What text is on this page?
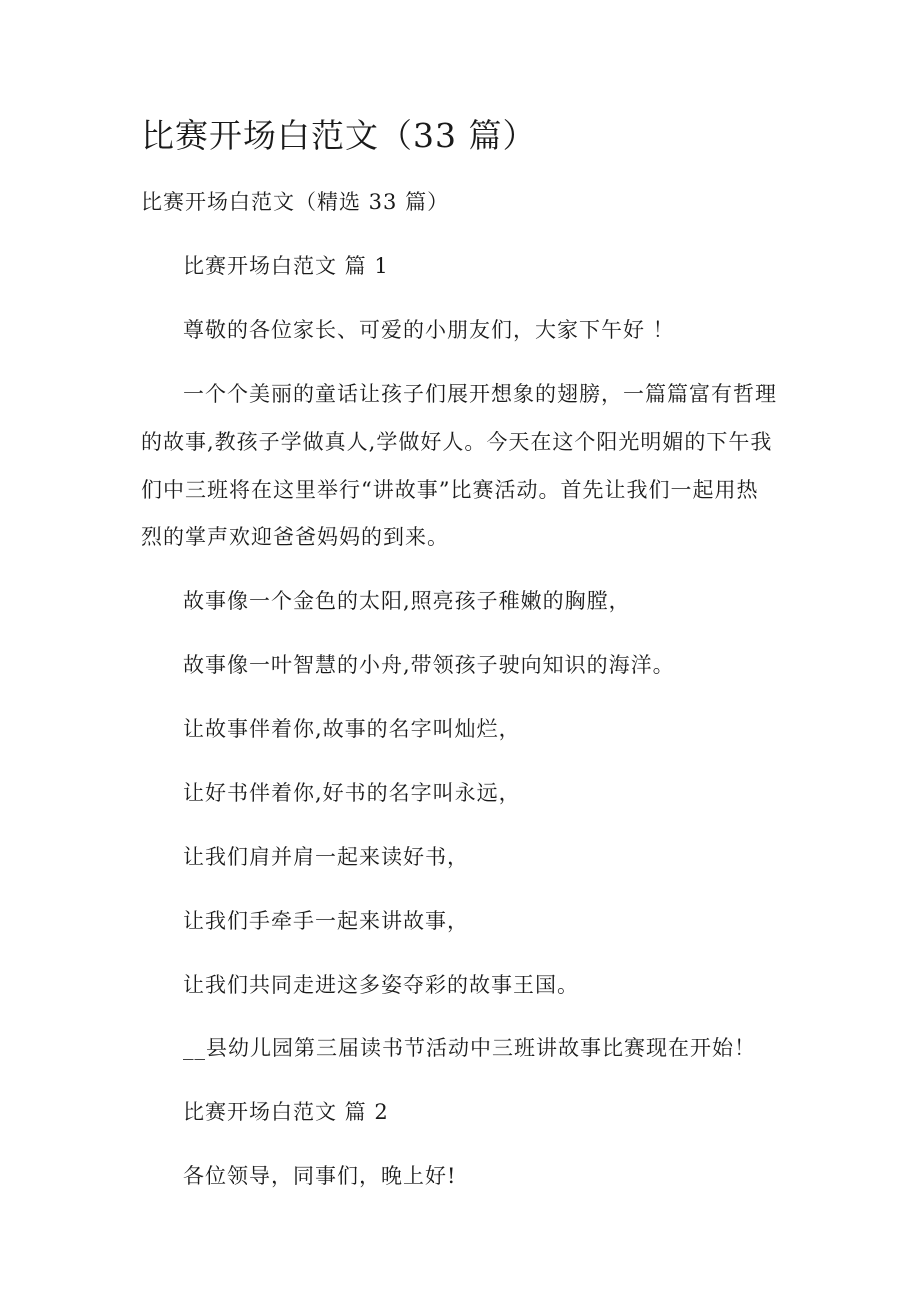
比赛开场白范文（33 篇）
比赛开场白范文（精选 33 篇）
比赛开场白范文 篇 1
尊敬的各位家长、可爱的小朋友们，大家下午好 ！
一个个美丽的童话让孩子们展开想象的翅膀，一篇篇富有哲理
的故事,教孩子学做真人,学做好人。今天在这个阳光明媚的下午我
们中三班将在这里举行“讲故事”比赛活动。首先让我们一起用热
烈的掌声欢迎爸爸妈妈的到来。
故事像一个金色的太阳,照亮孩子稚嫩的胸膛，
故事像一叶智慧的小舟,带领孩子驶向知识的海洋。
让故事伴着你,故事的名字叫灿烂，
让好书伴着你,好书的名字叫永远，
让我们肩并肩一起来读好书，
让我们手牵手一起来讲故事，
让我们共同走进这多姿夺彩的故事王国。
__县幼儿园第三届读书节活动中三班讲故事比赛现在开始！
比赛开场白范文 篇 2
各位领导，同事们，晚上好!
